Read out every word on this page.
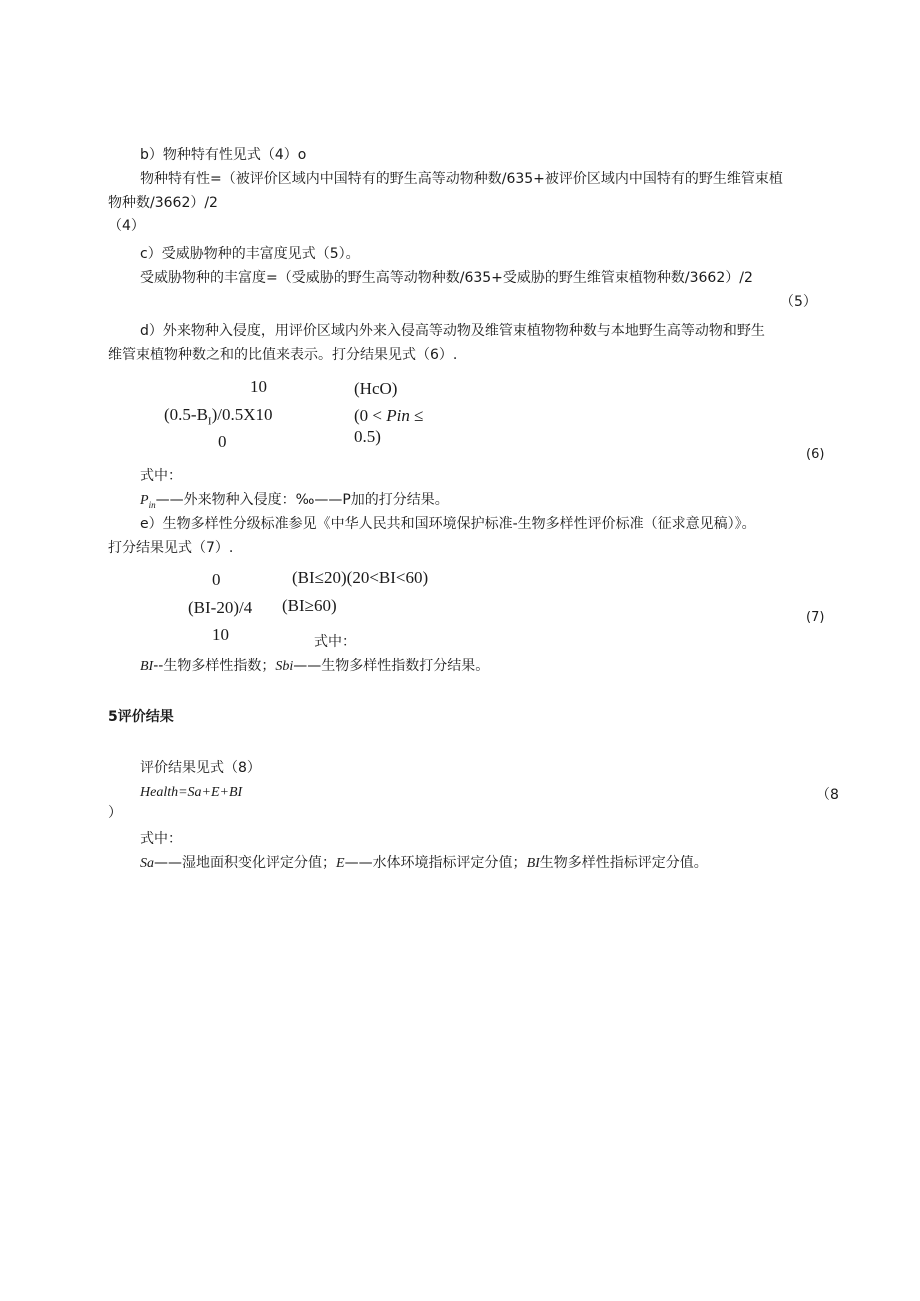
b）物种特有性见式（4）o
物种特有性=（被评价区域内中国特有的野生高等动物种数/635+被评价区域内中国特有的野生维管束植
物种数/3662）/2
（4）
c）受威胁物种的丰富度见式（5）。
受威胁物种的丰富度=（受威胁的野生高等动物种数/635+受威胁的野生维管束植物种数/3662）/2
（5）
d）外来物种入侵度，用评价区域内外来入侵高等动物及维管束植物物种数与本地野生高等动物和野生
维管束植物种数之和的比值来表示。打分结果见式（6）.
10	(HcO)
$(0.5-B_I)/0.5X10$	(0 < Pin ≤
0	0.5)
(6)
式中：
$P_{in}——$外来物种入侵度：‰——P加的打分结果。
e）生物多样性分级标准参见《中华人民共和国环境保护标准-生物多样性评价标准（征求意见稿）》。
打分结果见式（7）.
0	(BI≤20)(20<BI<60)
(BI-20)/4 (BI≥60)
10	式中：
(7)
BI--生物多样性指数；Sbi——生物多样性指数打分结果。
5评价结果
评价结果见式（8）
Health=Sa+E+BI	（8
）
式中：
Sa——湿地面积变化评定分值；E——水体环境指标评定分值；BI生物多样性指标评定分值。
